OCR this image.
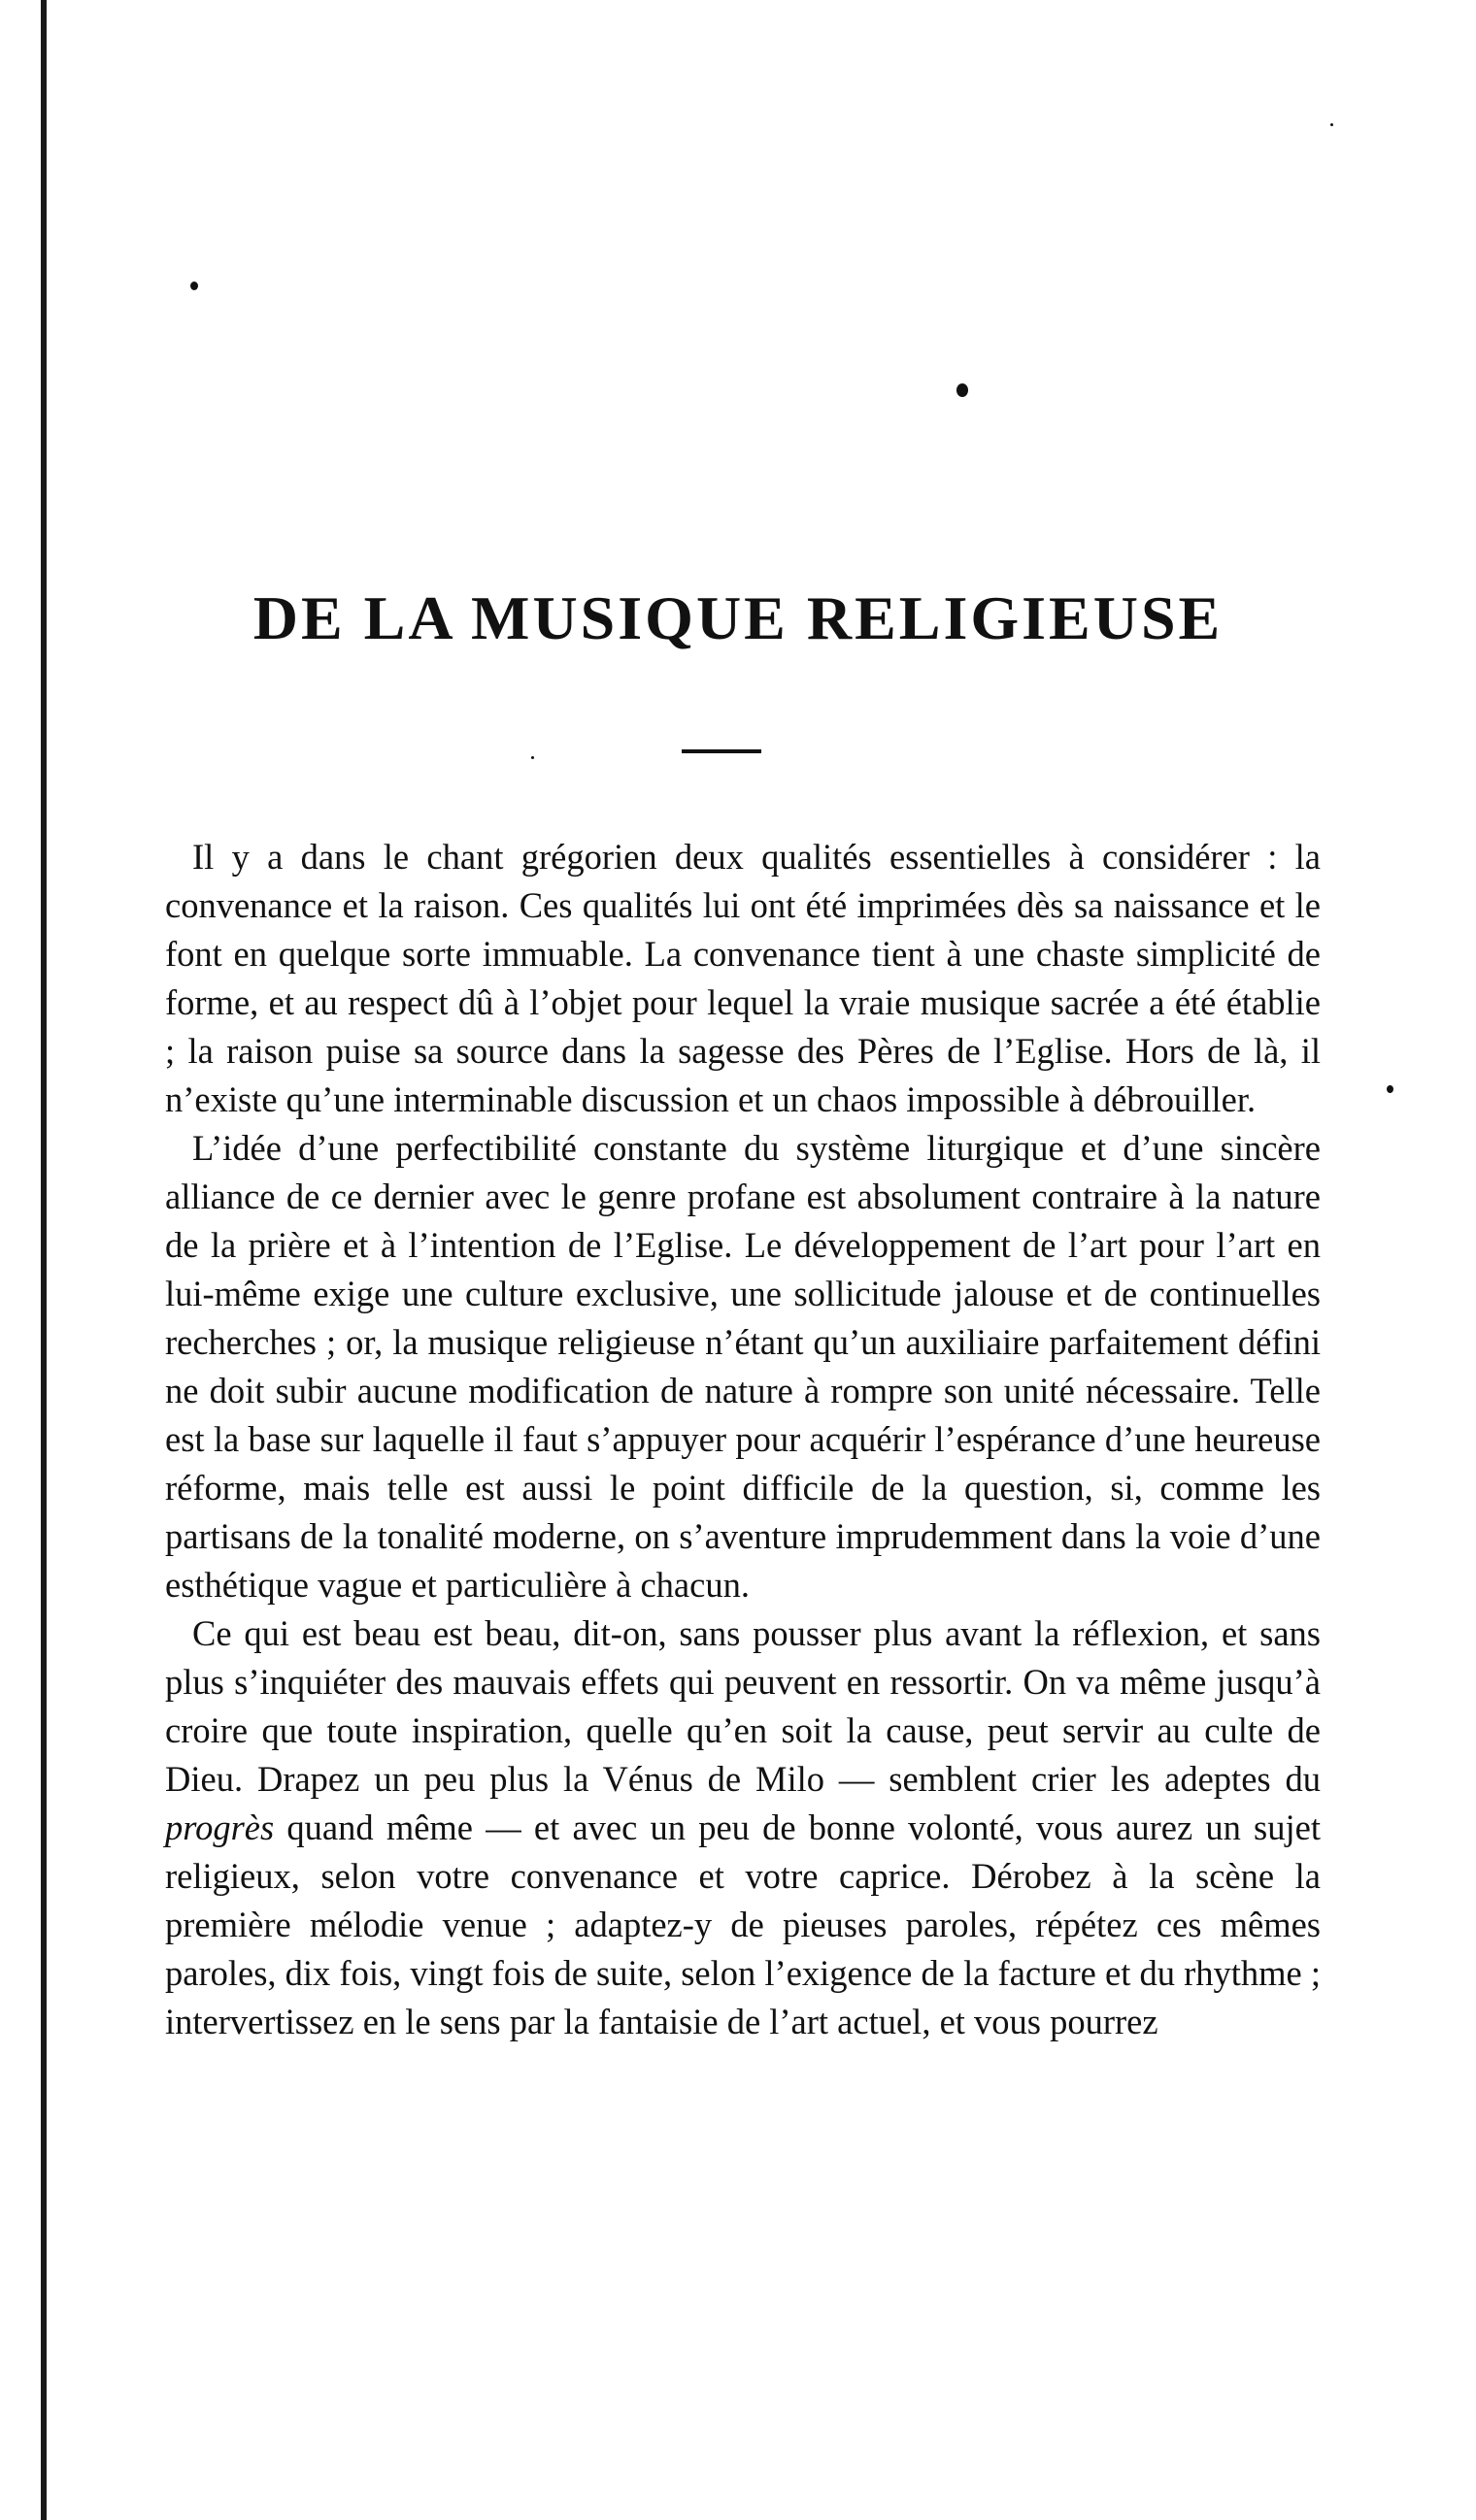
DE LA MUSIQUE RELIGIEUSE

Il y a dans le chant grégorien deux qualités essentielles à considérer : la convenance et la raison. Ces qualités lui ont été imprimées dès sa naissance et le font en quelque sorte immuable. La convenance tient à une chaste simplicité de forme, et au respect dû à l’objet pour lequel la vraie musique sacrée a été établie ; la raison puise sa source dans la sagesse des Pères de l’Eglise. Hors de là, il n’existe qu’une interminable discussion et un chaos impossible à débrouiller.

L’idée d’une perfectibilité constante du système liturgique et d’une sincère alliance de ce dernier avec le genre profane est absolument contraire à la nature de la prière et à l’intention de l’Eglise. Le développement de l’art pour l’art en lui-même exige une culture exclusive, une sollicitude jalouse et de continuelles recherches ; or, la musique religieuse n’étant qu’un auxiliaire parfaitement défini ne doit subir aucune modification de nature à rompre son unité nécessaire. Telle est la base sur laquelle il faut s’appuyer pour acquérir l’espérance d’une heureuse réforme, mais telle est aussi le point difficile de la question, si, comme les partisans de la tonalité moderne, on s’aventure imprudemment dans la voie d’une esthétique vague et particulière à chacun.

Ce qui est beau est beau, dit-on, sans pousser plus avant la réflexion, et sans plus s’inquiéter des mauvais effets qui peuvent en ressortir. On va même jusqu’à croire que toute inspiration, quelle qu’en soit la cause, peut servir au culte de Dieu. Drapez un peu plus la Vénus de Milo — semblent crier les adeptes du progrès quand même — et avec un peu de bonne volonté, vous aurez un sujet religieux, selon votre convenance et votre caprice. Dérobez à la scène la première mélodie venue ; adaptez-y de pieuses paroles, répétez ces mêmes paroles, dix fois, vingt fois de suite, selon l’exigence de la facture et du rhythme ; intervertissez en le sens par la fantaisie de l’art actuel, et vous pourrez
